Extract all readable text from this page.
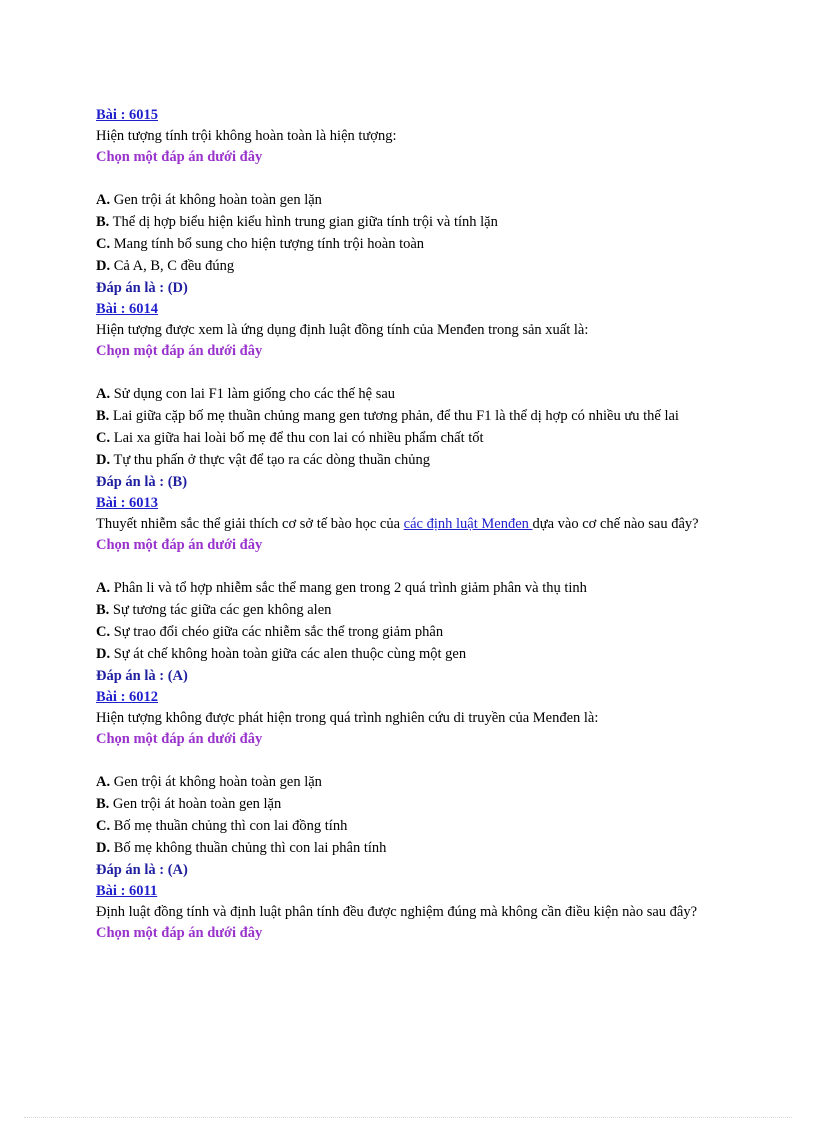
Bài : 6015
Hiện tượng tính trội không hoàn toàn là hiện tượng:
Chọn một đáp án dưới đây
A. Gen trội át không hoàn toàn gen lặn
B. Thể dị hợp biểu hiện kiểu hình trung gian giữa tính trội và tính lặn
C. Mang tính bổ sung cho hiện tượng tính trội hoàn toàn
D. Cả A, B, C đều đúng
Đáp án là : (D)
Bài : 6014
Hiện tượng được xem là ứng dụng định luật đồng tính của Menđen trong sản xuất là:
Chọn một đáp án dưới đây
A. Sử dụng con lai F1 làm giống cho các thế hệ sau
B. Lai giữa cặp bố mẹ thuần chủng mang gen tương phản, để thu F1 là thể dị hợp có nhiều ưu thế lai
C. Lai xa giữa hai loài bố mẹ để thu con lai có nhiều phẩm chất tốt
D. Tự thu phấn ở thực vật để tạo ra các dòng thuần chủng
Đáp án là : (B)
Bài : 6013
Thuyết nhiễm sắc thể giải thích cơ sở tế bào học của các định luật Menđen dựa vào cơ chế nào sau đây?
Chọn một đáp án dưới đây
A. Phân li và tổ hợp nhiễm sắc thể mang gen trong 2 quá trình giảm phân và thụ tinh
B. Sự tương tác giữa các gen không alen
C. Sự trao đổi chéo giữa các nhiễm sắc thể trong giảm phân
D. Sự át chế không hoàn toàn giữa các alen thuộc cùng một gen
Đáp án là : (A)
Bài : 6012
Hiện tượng không được phát hiện trong quá trình nghiên cứu di truyền của Menđen là:
Chọn một đáp án dưới đây
A. Gen trội át không hoàn toàn gen lặn
B. Gen trội át hoàn toàn gen lặn
C. Bố mẹ thuần chủng thì con lai đồng tính
D. Bố mẹ không thuần chủng thì con lai phân tính
Đáp án là : (A)
Bài : 6011
Định luật đồng tính và định luật phân tính đều được nghiệm đúng mà không cần điều kiện nào sau đây?
Chọn một đáp án dưới đây
